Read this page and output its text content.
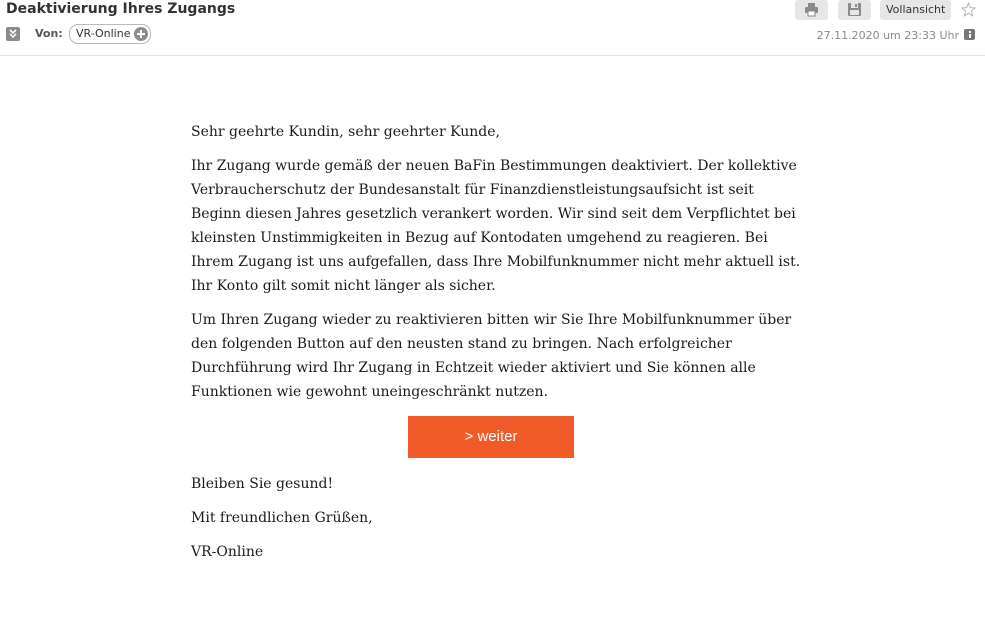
Deaktivierung Ihres Zugangs
Von:	VR-Online
Vollansicht
27.11.2020 um 23:33 Uhr

Sehr geehrte Kundin, sehr geehrter Kunde,

Ihr Zugang wurde gemäß der neuen BaFin Bestimmungen deaktiviert. Der kollektive Verbraucherschutz der Bundesanstalt für Finanzdienstleistungsaufsicht ist seit Beginn diesen Jahres gesetzlich verankert worden. Wir sind seit dem Verpflichtet bei kleinsten Unstimmigkeiten in Bezug auf Kontodaten umgehend zu reagieren. Bei Ihrem Zugang ist uns aufgefallen, dass Ihre Mobilfunknummer nicht mehr aktuell ist. Ihr Konto gilt somit nicht länger als sicher.

Um Ihren Zugang wieder zu reaktivieren bitten wir Sie Ihre Mobilfunknummer über den folgenden Button auf den neusten stand zu bringen. Nach erfolgreicher Durchführung wird Ihr Zugang in Echtzeit wieder aktiviert und Sie können alle Funktionen wie gewohnt uneingeschränkt nutzen.

> weiter

Bleiben Sie gesund!

Mit freundlichen Grüßen,

VR-Online
